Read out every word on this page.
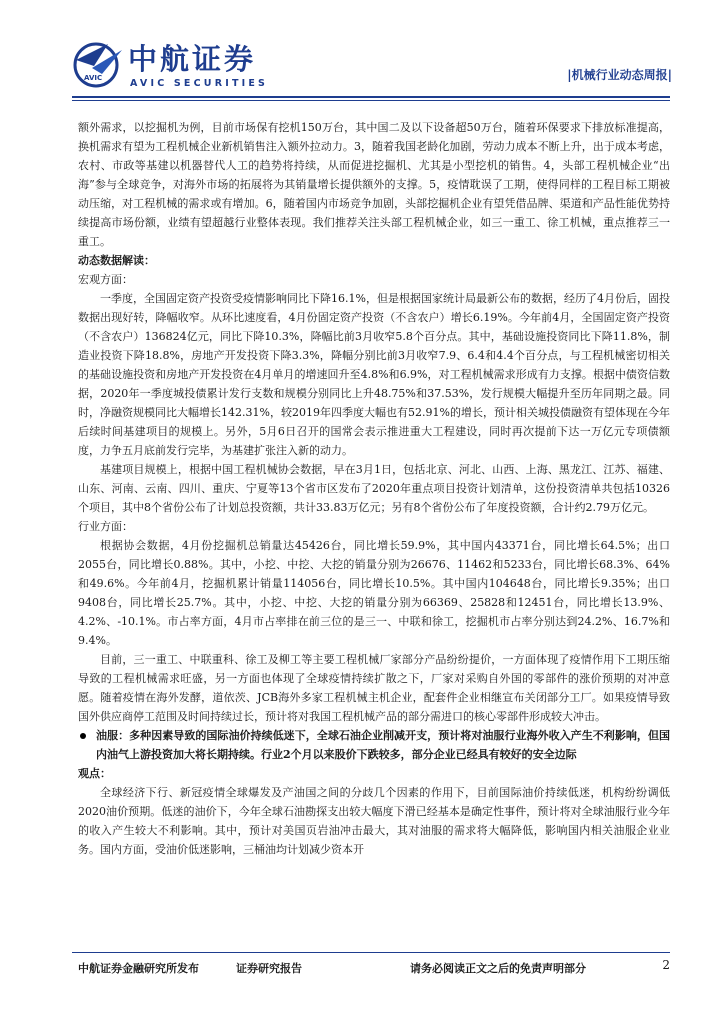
AVIC
中航证券
AVIC SECURITIES
|机械行业动态周报|

额外需求，以挖掘机为例，目前市场保有挖机150万台，其中国二及以下设备超50万台，随着环保要求下排放标准提高，换机需求有望为工程机械企业新机销售注入额外拉动力。3，随着我国老龄化加剧，劳动力成本不断上升，出于成本考虑，农村、市政等基建以机器替代人工的趋势将持续，从而促进挖掘机、尤其是小型挖机的销售。4，头部工程机械企业“出海”参与全球竞争，对海外市场的拓展将为其销量增长提供额外的支撑。5，疫情耽误了工期，使得同样的工程目标工期被动压缩，对工程机械的需求或有增加。6，随着国内市场竞争加剧，头部挖掘机企业有望凭借品牌、渠道和产品性能优势持续提高市场份额，业绩有望超越行业整体表现。我们推荐关注头部工程机械企业，如三一重工、徐工机械，重点推荐三一重工。

动态数据解读：

宏观方面：

一季度，全国固定资产投资受疫情影响同比下降16.1%，但是根据国家统计局最新公布的数据，经历了4月份后，固投数据出现好转，降幅收窄。从环比速度看，4月份固定资产投资（不含农户）增长6.19%。今年前4月，全国固定资产投资（不含农户）136824亿元，同比下降10.3%，降幅比前3月收窄5.8个百分点。其中，基础设施投资同比下降11.8%，制造业投资下降18.8%，房地产开发投资下降3.3%，降幅分别比前3月收窄7.9、6.4和4.4个百分点，与工程机械密切相关的基础设施投资和房地产开发投资在4月单月的增速回升至4.8%和6.9%，对工程机械需求形成有力支撑。根据中债资信数据，2020年一季度城投债累计发行支数和规模分别同比上升48.75%和37.53%，发行规模大幅提升至历年同期之最。同时，净融资规模同比大幅增长142.31%，较2019年四季度大幅也有52.91%的增长，预计相关城投债融资有望体现在今年后续时间基建项目的规模上。另外，5月6日召开的国常会表示推进重大工程建设，同时再次提前下达一万亿元专项债额度，力争五月底前发行完毕，为基建扩张注入新的动力。

基建项目规模上，根据中国工程机械协会数据，早在3月1日，包括北京、河北、山西、上海、黑龙江、江苏、福建、山东、河南、云南、四川、重庆、宁夏等13个省市区发布了2020年重点项目投资计划清单，这份投资清单共包括10326个项目，其中8个省份公布了计划总投资额，共计33.83万亿元；另有8个省份公布了年度投资额，合计约2.79万亿元。

行业方面：

根据协会数据，4月份挖掘机总销量达45426台，同比增长59.9%，其中国内43371台，同比增长64.5%；出口2055台，同比增长0.88%。其中，小挖、中挖、大挖的销量分别为26676、11462和5233台，同比增长68.3%、64%和49.6%。今年前4月，挖掘机累计销量114056台，同比增长10.5%。其中国内104648台，同比增长9.35%；出口9408台，同比增长25.7%。其中，小挖、中挖、大挖的销量分别为66369、25828和12451台，同比增长13.9%、4.2%、-10.1%。市占率方面，4月市占率排在前三位的是三一、中联和徐工，挖掘机市占率分别达到24.2%、16.7%和9.4%。

目前，三一重工、中联重科、徐工及柳工等主要工程机械厂家部分产品纷纷提价，一方面体现了疫情作用下工期压缩导致的工程机械需求旺盛，另一方面也体现了全球疫情持续扩散之下，厂家对采购自外国的零部件的涨价预期的对冲意愿。随着疫情在海外发酵，道依茨、JCB海外多家工程机械主机企业，配套件企业相继宣布关闭部分工厂。如果疫情导致国外供应商停工范围及时间持续过长，预计将对我国工程机械产品的部分需进口的核心零部件形成较大冲击。

油服：多种因素导致的国际油价持续低迷下，全球石油企业削减开支，预计将对油服行业海外收入产生不利影响，但国内油气上游投资加大将长期持续。行业2个月以来股价下跌较多，部分企业已经具有较好的安全边际

观点：

全球经济下行、新冠疫情全球爆发及产油国之间的分歧几个因素的作用下，目前国际油价持续低迷，机构纷纷调低2020油价预期。低迷的油价下，今年全球石油勘探支出较大幅度下滑已经基本是确定性事件，预计将对全球油服行业今年的收入产生较大不利影响。其中，预计对美国页岩油冲击最大，其对油服的需求将大幅降低，影响国内相关油服企业业务。国内方面，受油价低迷影响，三桶油均计划减少资本开

中航证券金融研究所发布	证券研究报告	请务必阅读正文之后的免责声明部分	2
